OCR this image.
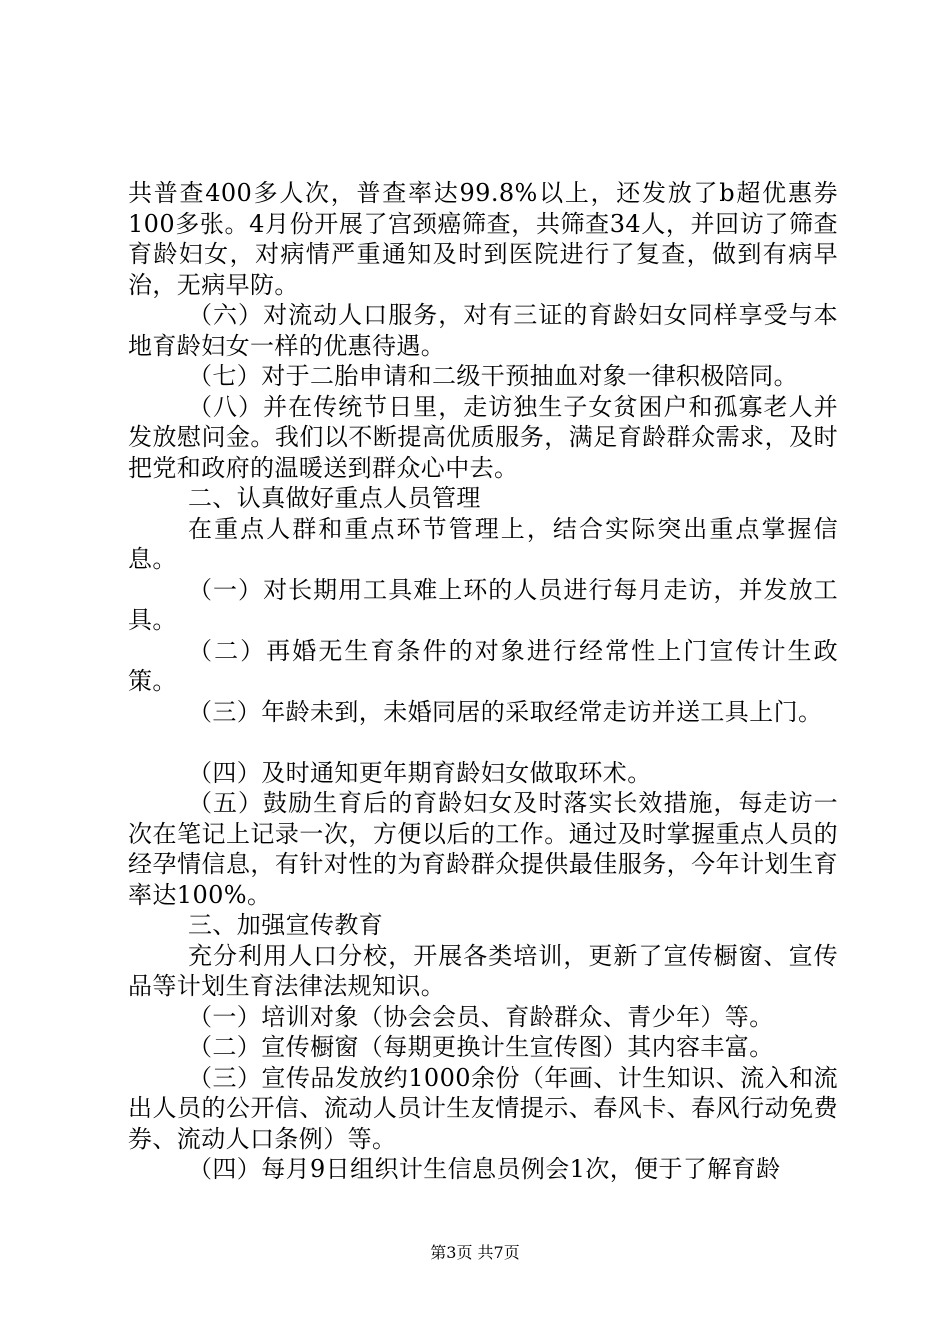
共普查400多人次，普查率达99.8%以上，还发放了b超优惠券100多张。4月份开展了宫颈癌筛查，共筛查34人，并回访了筛查育龄妇女，对病情严重通知及时到医院进行了复查，做到有病早治，无病早防。

（六）对流动人口服务，对有三证的育龄妇女同样享受与本地育龄妇女一样的优惠待遇。

（七）对于二胎申请和二级干预抽血对象一律积极陪同。

（八）并在传统节日里，走访独生子女贫困户和孤寡老人并发放慰问金。我们以不断提高优质服务，满足育龄群众需求，及时把党和政府的温暖送到群众心中去。

二、认真做好重点人员管理

在重点人群和重点环节管理上，结合实际突出重点掌握信息。

（一）对长期用工具难上环的人员进行每月走访，并发放工具。

（二）再婚无生育条件的对象进行经常性上门宣传计生政策。

（三）年龄未到，未婚同居的采取经常走访并送工具上门。

（四）及时通知更年期育龄妇女做取环术。

（五）鼓励生育后的育龄妇女及时落实长效措施，每走访一次在笔记上记录一次，方便以后的工作。通过及时掌握重点人员的经孕情信息，有针对性的为育龄群众提供最佳服务，今年计划生育率达100%。

三、加强宣传教育

充分利用人口分校，开展各类培训，更新了宣传橱窗、宣传品等计划生育法律法规知识。

（一）培训对象（协会会员、育龄群众、青少年）等。

（二）宣传橱窗（每期更换计生宣传图）其内容丰富。

（三）宣传品发放约1000余份（年画、计生知识、流入和流出人员的公开信、流动人员计生友情提示、春风卡、春风行动免费券、流动人口条例）等。

（四）每月9日组织计生信息员例会1次，便于了解育龄

第3页 共7页
